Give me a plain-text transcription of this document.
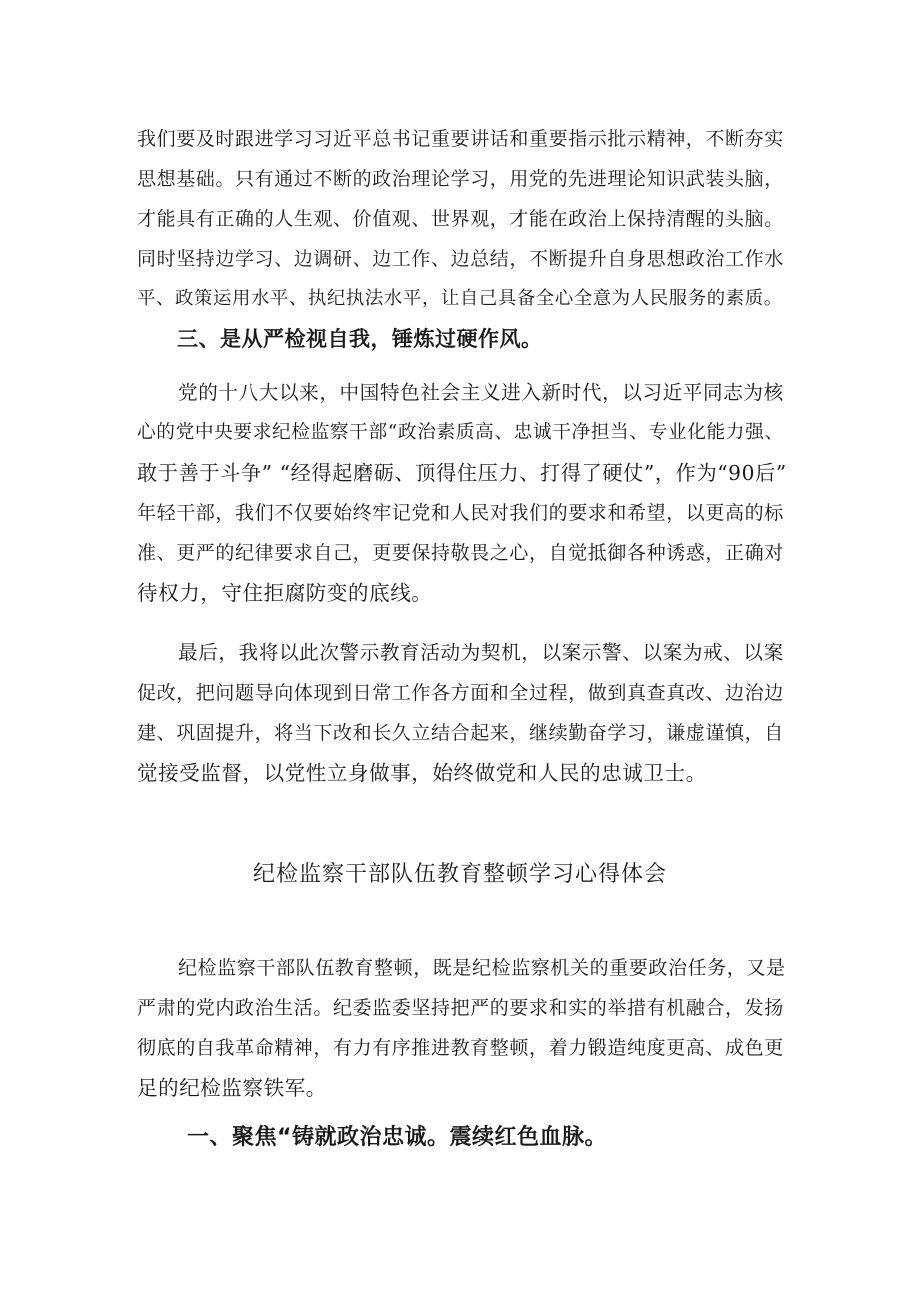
我们要及时跟进学习习近平总书记重要讲话和重要指示批示精神，不断夯实
思想基础。只有通过不断的政治理论学习，用党的先进理论知识武装头脑，
才能具有正确的人生观、价值观、世界观，才能在政治上保持清醒的头脑。
同时坚持边学习、边调研、边工作、边总结，不断提升自身思想政治工作水
平、政策运用水平、执纪执法水平，让自己具备全心全意为人民服务的素质。
三、是从严检视自我，锤炼过硬作风。
党的十八大以来，中国特色社会主义进入新时代，以习近平同志为核
心的党中央要求纪检监察干部“政治素质高、忠诚干净担当、专业化能力强、
敢于善于斗争” “经得起磨砺、顶得住压力、打得了硬仗”，作为“90后”
年轻干部，我们不仅要始终牢记党和人民对我们的要求和希望，以更高的标
准、更严的纪律要求自己，更要保持敬畏之心，自觉抵御各种诱惑，正确对
待权力，守住拒腐防变的底线。
最后，我将以此次警示教育活动为契机，以案示警、以案为戒、以案
促改，把问题导向体现到日常工作各方面和全过程，做到真查真改、边治边
建、巩固提升，将当下改和长久立结合起来，继续勤奋学习，谦虚谨慎，自
觉接受监督，以党性立身做事，始终做党和人民的忠诚卫士。
纪检监察干部队伍教育整顿学习心得体会
纪检监察干部队伍教育整顿，既是纪检监察机关的重要政治任务，又是
严肃的党内政治生活。纪委监委坚持把严的要求和实的举措有机融合，发扬
彻底的自我革命精神，有力有序推进教育整顿，着力锻造纯度更高、成色更
足的纪检监察铁军。
一、聚焦“铸就政治忠诚。震续红色血脉。
